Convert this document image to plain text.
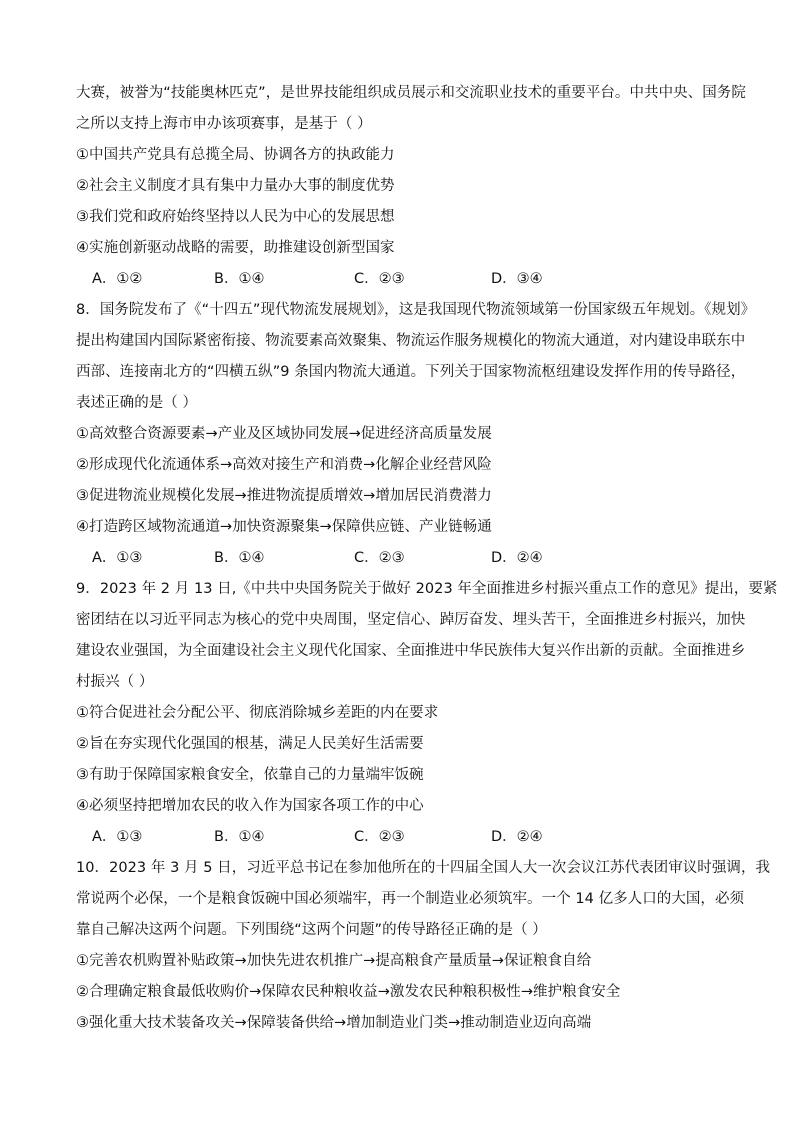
大赛，被誉为“技能奥林匹克”，是世界技能组织成员展示和交流职业技术的重要平台。中共中央、国务院
之所以支持上海市申办该项赛事，是基于（ ）
①中国共产党具有总揽全局、协调各方的执政能力
②社会主义制度才具有集中力量办大事的制度优势
③我们党和政府始终坚持以人民为中心的发展思想
④实施创新驱动战略的需要，助推建设创新型国家
A．①②	B．①④	C．②③	D．③④
8．国务院发布了《“十四五”现代物流发展规划》，这是我国现代物流领域第一份国家级五年规划。《规划》
提出构建国内国际紧密衔接、物流要素高效聚集、物流运作服务规模化的物流大通道，对内建设串联东中
西部、连接南北方的“四横五纵”9 条国内物流大通道。下列关于国家物流枢纽建设发挥作用的传导路径，
表述正确的是（ ）
①高效整合资源要素→产业及区域协同发展→促进经济高质量发展
②形成现代化流通体系→高效对接生产和消费→化解企业经营风险
③促进物流业规模化发展→推进物流提质增效→增加居民消费潜力
④打造跨区域物流通道→加快资源聚集→保障供应链、产业链畅通
A．①③	B．①④	C．②③	D．②④
9．2023 年 2 月 13 日,《中共中央国务院关于做好 2023 年全面推进乡村振兴重点工作的意见》提出，要紧
密团结在以习近平同志为核心的党中央周围，坚定信心、踔厉奋发、埋头苦干，全面推进乡村振兴，加快
建设农业强国，为全面建设社会主义现代化国家、全面推进中华民族伟大复兴作出新的贡献。全面推进乡
村振兴（ ）
①符合促进社会分配公平、彻底消除城乡差距的内在要求
②旨在夯实现代化强国的根基，满足人民美好生活需要
③有助于保障国家粮食安全，依靠自己的力量端牢饭碗
④必须坚持把增加农民的收入作为国家各项工作的中心
A．①③	B．①④	C．②③	D．②④
10．2023 年 3 月 5 日，习近平总书记在参加他所在的十四届全国人大一次会议江苏代表团审议时强调，我
常说两个必保，一个是粮食饭碗中国必须端牢，再一个制造业必须筑牢。一个 14 亿多人口的大国，必须
靠自己解决这两个问题。下列围绕“这两个问题”的传导路径正确的是（ ）
①完善农机购置补贴政策→加快先进农机推广→提高粮食产量质量→保证粮食自给
②合理确定粮食最低收购价→保障农民种粮收益→激发农民种粮积极性→维护粮食安全
③强化重大技术装备攻关→保障装备供给→增加制造业门类→推动制造业迈向高端
